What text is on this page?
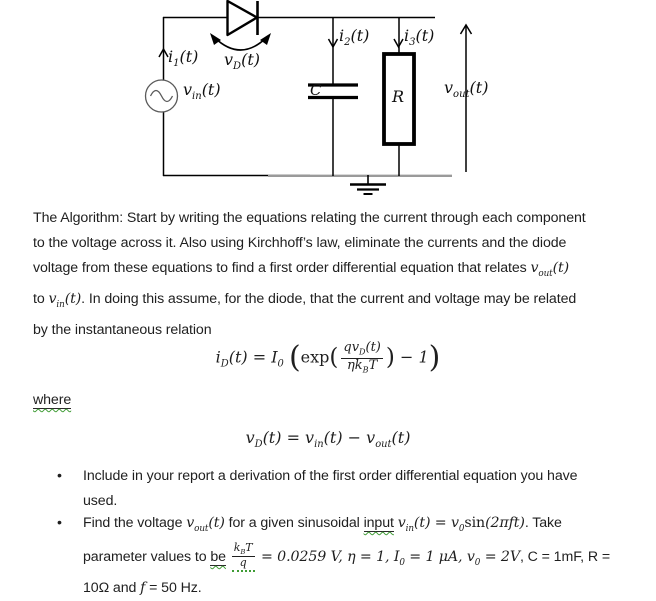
$i_1(t)$ $v_D(t)$
$v_{in}(t)$
$i_2(t)$ $i_3(t)$
C	R $v_{out}(t)$
The Algorithm: Start by writing the equations relating the current through each component
to the voltage across it. Also using Kirchhoff’s law, eliminate the currents and the diode
voltage from these equations to find a first order differential equation that relates $v_{out}(t)$
to $v_{in}(t)$. In doing this assume, for the diode, that the current and voltage may be related
by the instantaneous relation
$i_D(t) = I_0$ ($\exp( \frac{qv_D(t)}{\eta k_BT}$ ) − 1)
where
$v_D(t) = v_{in}(t) - v_{out}(t)$
•	Include in your report a derivation of the first order differential equation you have
used.
•	Find the voltage $v_{out}(t)$ for a given sinusoidal input $v_{in}(t) = v_0\sin(2\pi ft)$. Take
parameter values to be $\frac{k_BT}{q} = 0.0259$ V, η = 1, $I_0 = 1$ μA, $v_0 = 2V$, C = 1mF, R =
10Ω and f = 50 Hz.
